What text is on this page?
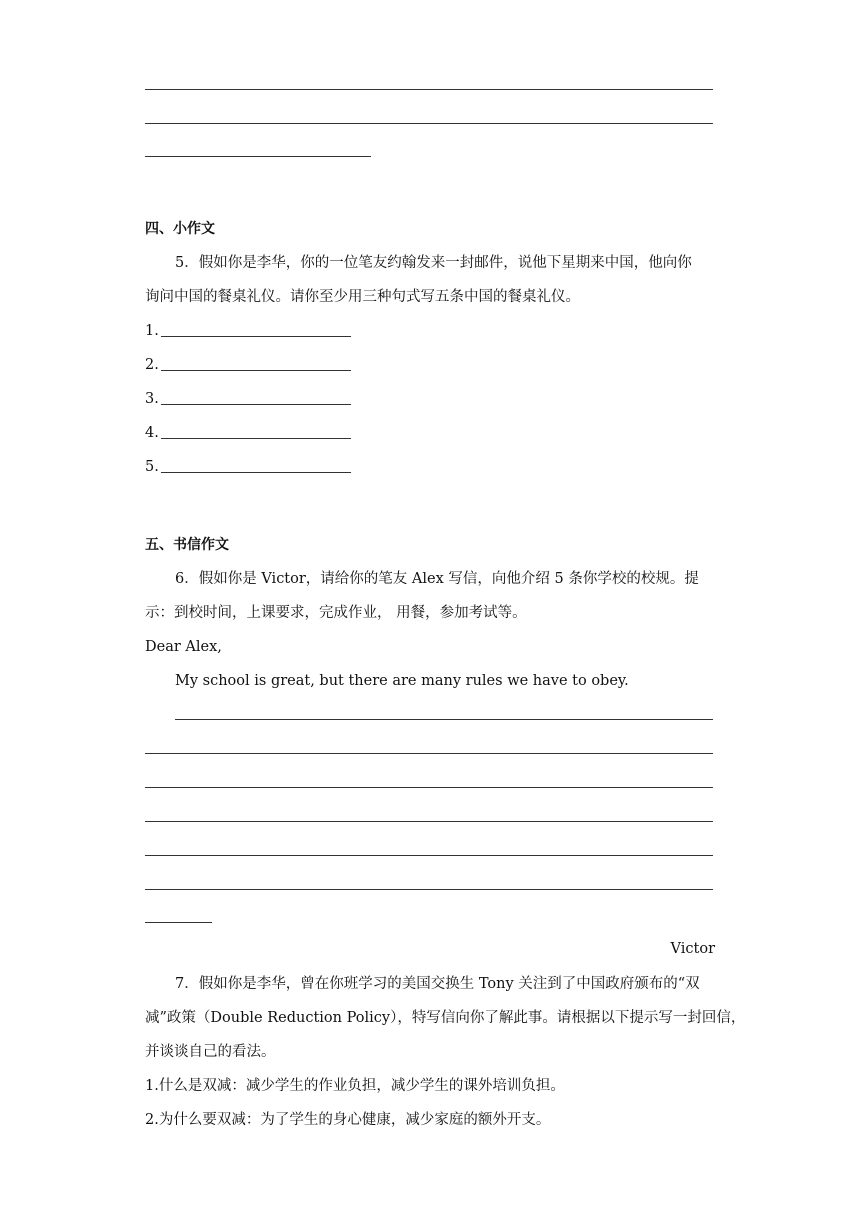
四、小作文
5．假如你是李华，你的一位笔友约翰发来一封邮件，说他下星期来中国，他向你
询问中国的餐桌礼仪。请你至少用三种句式写五条中国的餐桌礼仪。
1.
2.
3.
4.
5.
五、书信作文
6．假如你是 Victor，请给你的笔友 Alex 写信，向他介绍 5 条你学校的校规。提
示：到校时间，上课要求，完成作业， 用餐，参加考试等。
Dear Alex,
My school is great, but there are many rules we have to obey.
Victor
7．假如你是李华，曾在你班学习的美国交换生 Tony 关注到了中国政府颁布的“双
减”政策（Double Reduction Policy），特写信向你了解此事。请根据以下提示写一封回信，
并谈谈自己的看法。
1.什么是双减：减少学生的作业负担，减少学生的课外培训负担。
2.为什么要双减：为了学生的身心健康，减少家庭的额外开支。
